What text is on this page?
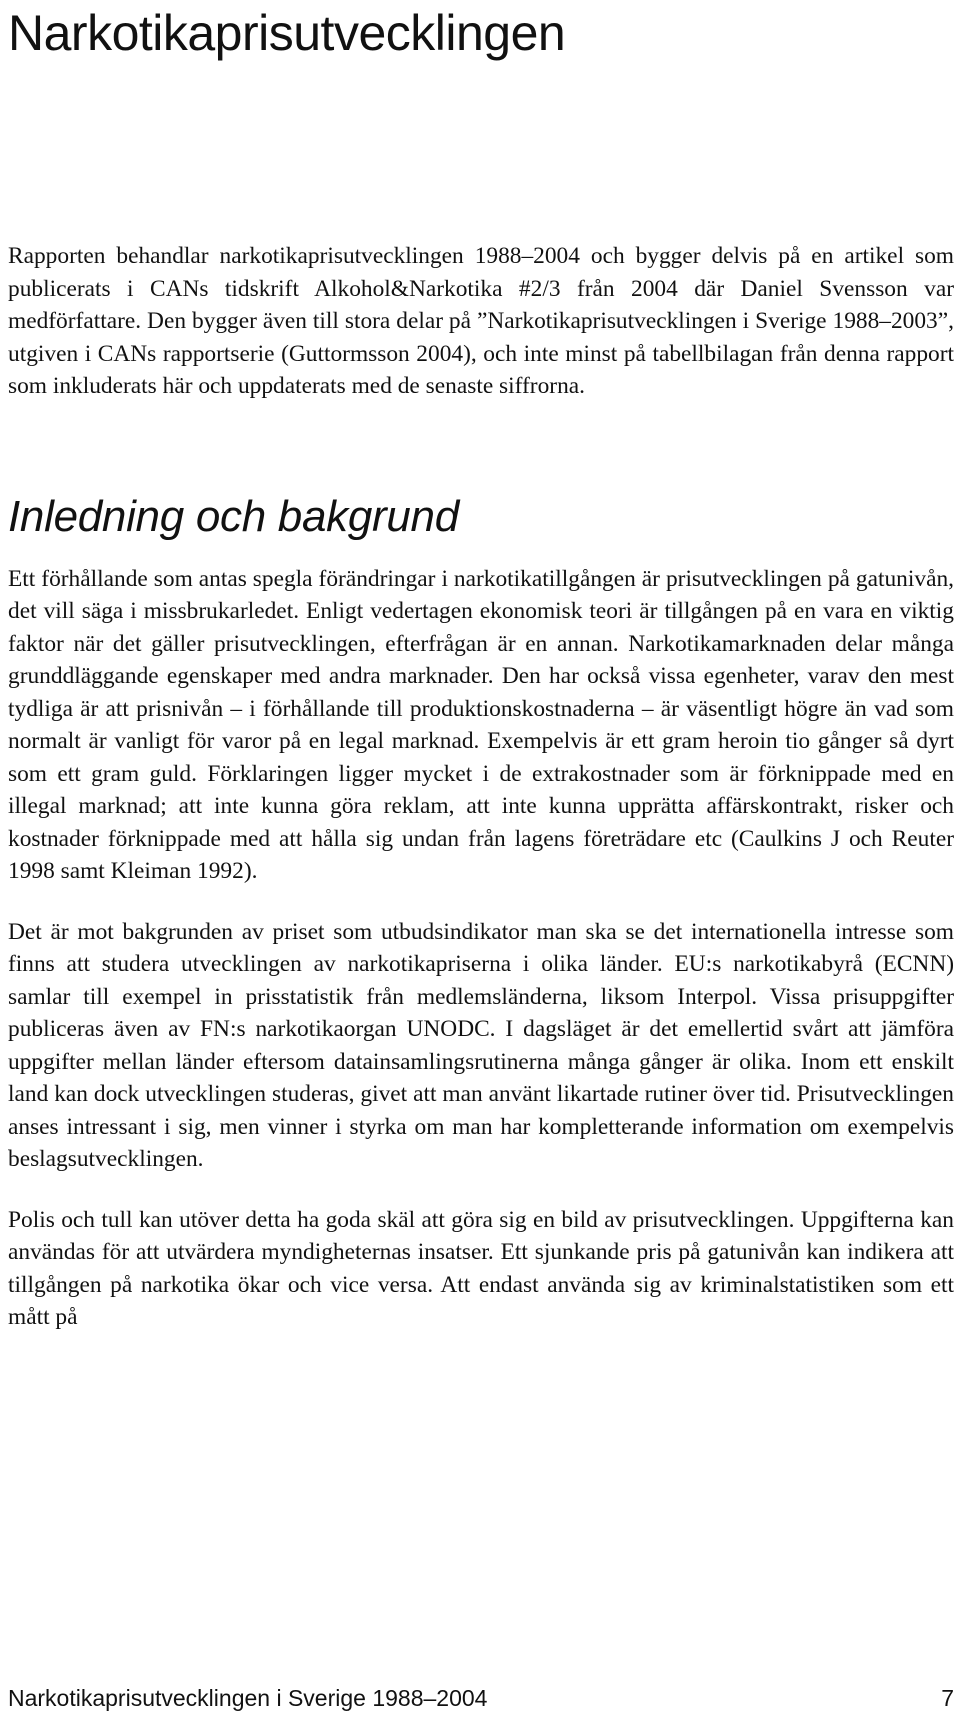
Narkotikaprisutvecklingen

Rapporten behandlar narkotikaprisutvecklingen 1988–2004 och bygger delvis på en artikel som publicerats i CANs tidskrift Alkohol&Narkotika #2/3 från 2004 där Daniel Svensson var medförfattare. Den bygger även till stora delar på ”Narkotikaprisutvecklingen i Sverige 1988–2003”, utgiven i CANs rapportserie (Guttormsson 2004), och inte minst på tabellbilagan från denna rapport som inkluderats här och uppdaterats med de senaste siffrorna.

Inledning och bakgrund

Ett förhållande som antas spegla förändringar i narkotikatillgången är prisutvecklingen på gatunivån, det vill säga i missbrukarledet. Enligt vedertagen ekonomisk teori är tillgången på en vara en viktig faktor när det gäller prisutvecklingen, efterfrågan är en annan. Narkotikamarknaden delar många grunddläggande egenskaper med andra marknader. Den har också vissa egenheter, varav den mest tydliga är att prisnivån – i förhållande till produktionskostnaderna – är väsentligt högre än vad som normalt är vanligt för varor på en legal marknad. Exempelvis är ett gram heroin tio gånger så dyrt som ett gram guld. Förklaringen ligger mycket i de extrakostnader som är förknippade med en illegal marknad; att inte kunna göra reklam, att inte kunna upprätta affärskontrakt, risker och kostnader förknippade med att hålla sig undan från lagens företrädare etc (Caulkins J och Reuter 1998 samt Kleiman 1992).

Det är mot bakgrunden av priset som utbudsindikator man ska se det internationella intresse som finns att studera utvecklingen av narkotikapriserna i olika länder. EU:s narkotikabyrå (ECNN) samlar till exempel in prisstatistik från medlemsländerna, liksom Interpol. Vissa prisuppgifter publiceras även av FN:s narkotikaorgan UNODC. I dagsläget är det emellertid svårt att jämföra uppgifter mellan länder eftersom datainsamlingsrutinerna många gånger är olika. Inom ett enskilt land kan dock utvecklingen studeras, givet att man använt likartade rutiner över tid. Prisutvecklingen anses intressant i sig, men vinner i styrka om man har kompletterande information om exempelvis beslagsutvecklingen.

Polis och tull kan utöver detta ha goda skäl att göra sig en bild av prisutvecklingen. Uppgifterna kan användas för att utvärdera myndigheternas insatser. Ett sjunkande pris på gatunivån kan indikera att tillgången på narkotika ökar och vice versa. Att endast använda sig av kriminalstatistiken som ett mått på

Narkotikaprisutvecklingen i Sverige 1988–2004	7
